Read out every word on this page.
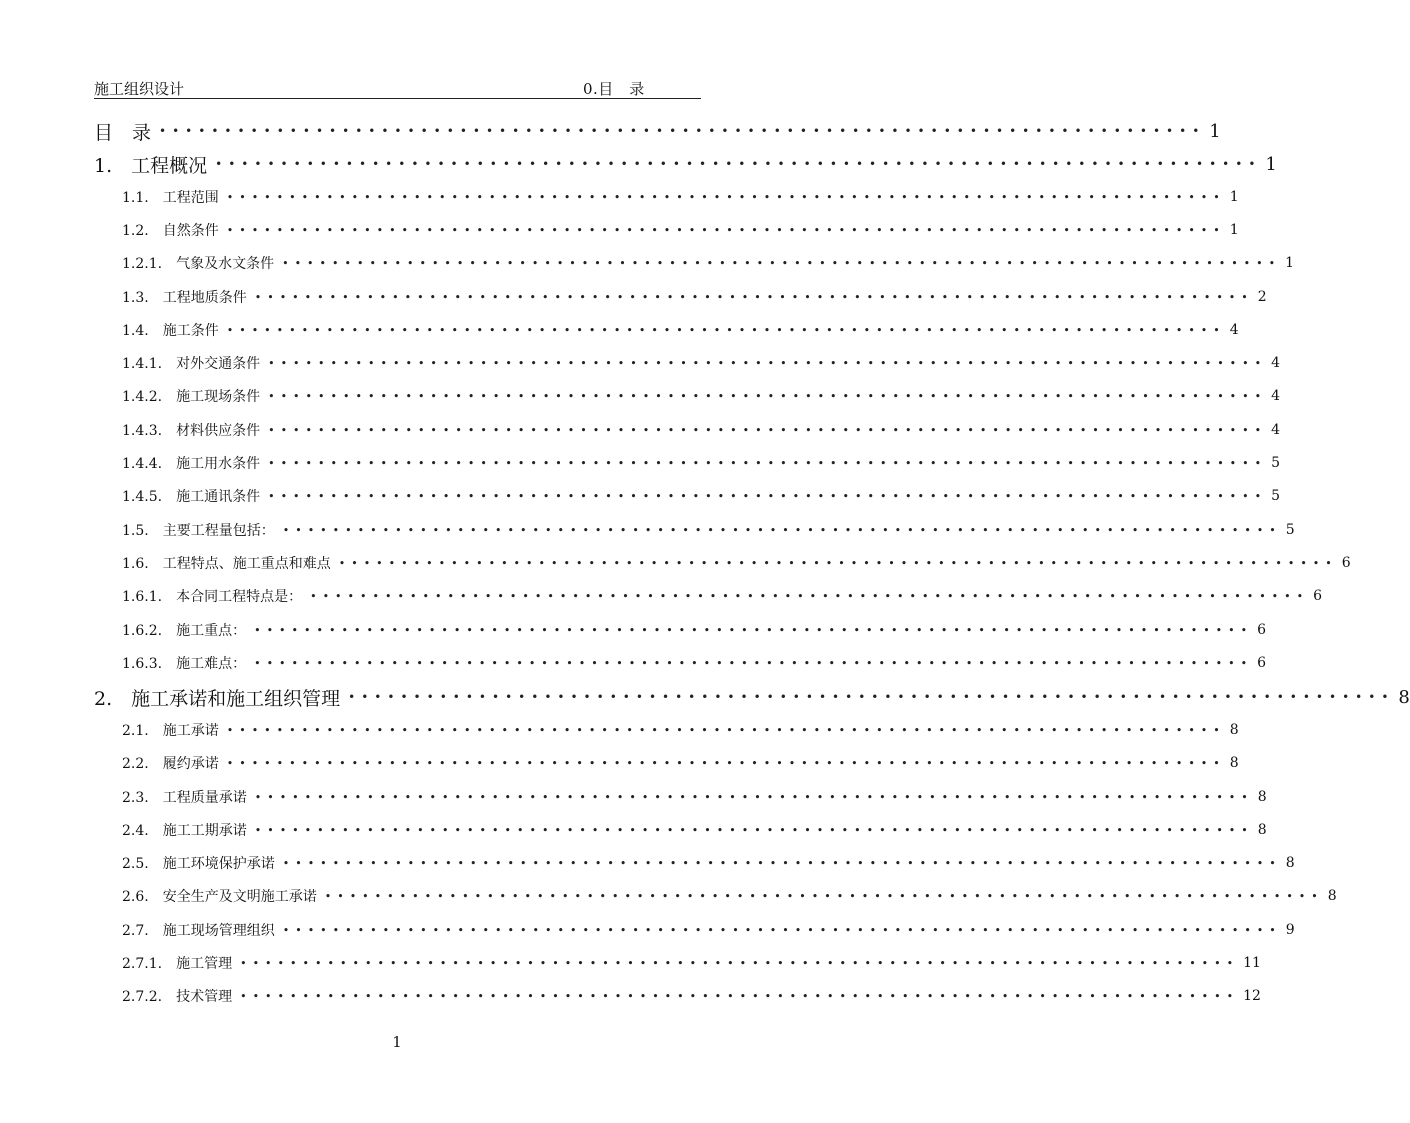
施工组织设计	0.目　录
目　录 •••••••••••••••••••••••••••••••••••••••••••••••••••••••••••••••••••••••••••••••• 1
1.　工程概况 •••••••••••••••••••••••••••••••••••••••••••••••••••••••••••••••••••••••••••••••• 1
1.1.　工程范围 •••••••••••••••••••••••••••••••••••••••••••••••••••••••••••••••••••••••••••••••• 1
1.2.　自然条件 •••••••••••••••••••••••••••••••••••••••••••••••••••••••••••••••••••••••••••••••• 1
1.2.1.　气象及水文条件 •••••••••••••••••••••••••••••••••••••••••••••••••••••••••••••••••••••••••••••••• 1
1.3.　工程地质条件 •••••••••••••••••••••••••••••••••••••••••••••••••••••••••••••••••••••••••••••••• 2
1.4.　施工条件 •••••••••••••••••••••••••••••••••••••••••••••••••••••••••••••••••••••••••••••••• 4
1.4.1.　对外交通条件 •••••••••••••••••••••••••••••••••••••••••••••••••••••••••••••••••••••••••••••••• 4
1.4.2.　施工现场条件 •••••••••••••••••••••••••••••••••••••••••••••••••••••••••••••••••••••••••••••••• 4
1.4.3.　材料供应条件 •••••••••••••••••••••••••••••••••••••••••••••••••••••••••••••••••••••••••••••••• 4
1.4.4.　施工用水条件 •••••••••••••••••••••••••••••••••••••••••••••••••••••••••••••••••••••••••••••••• 5
1.4.5.　施工通讯条件 •••••••••••••••••••••••••••••••••••••••••••••••••••••••••••••••••••••••••••••••• 5
1.5.　主要工程量包括： •••••••••••••••••••••••••••••••••••••••••••••••••••••••••••••••••••••••••••••••• 5
1.6.　工程特点、施工重点和难点 •••••••••••••••••••••••••••••••••••••••••••••••••••••••••••••••••••••••••••••••• 6
1.6.1.　本合同工程特点是： •••••••••••••••••••••••••••••••••••••••••••••••••••••••••••••••••••••••••••••••• 6
1.6.2.　施工重点： •••••••••••••••••••••••••••••••••••••••••••••••••••••••••••••••••••••••••••••••• 6
1.6.3.　施工难点： •••••••••••••••••••••••••••••••••••••••••••••••••••••••••••••••••••••••••••••••• 6
2.　施工承诺和施工组织管理 •••••••••••••••••••••••••••••••••••••••••••••••••••••••••••••••••••••••••••••••• 8
2.1.　施工承诺 •••••••••••••••••••••••••••••••••••••••••••••••••••••••••••••••••••••••••••••••• 8
2.2.　履约承诺 •••••••••••••••••••••••••••••••••••••••••••••••••••••••••••••••••••••••••••••••• 8
2.3.　工程质量承诺 •••••••••••••••••••••••••••••••••••••••••••••••••••••••••••••••••••••••••••••••• 8
2.4.　施工工期承诺 •••••••••••••••••••••••••••••••••••••••••••••••••••••••••••••••••••••••••••••••• 8
2.5.　施工环境保护承诺 •••••••••••••••••••••••••••••••••••••••••••••••••••••••••••••••••••••••••••••••• 8
2.6.　安全生产及文明施工承诺 •••••••••••••••••••••••••••••••••••••••••••••••••••••••••••••••••••••••••••••••• 8
2.7.　施工现场管理组织 •••••••••••••••••••••••••••••••••••••••••••••••••••••••••••••••••••••••••••••••• 9
2.7.1.　施工管理 •••••••••••••••••••••••••••••••••••••••••••••••••••••••••••••••••••••••••••••••• 11
2.7.2.　技术管理 •••••••••••••••••••••••••••••••••••••••••••••••••••••••••••••••••••••••••••••••• 12
1
